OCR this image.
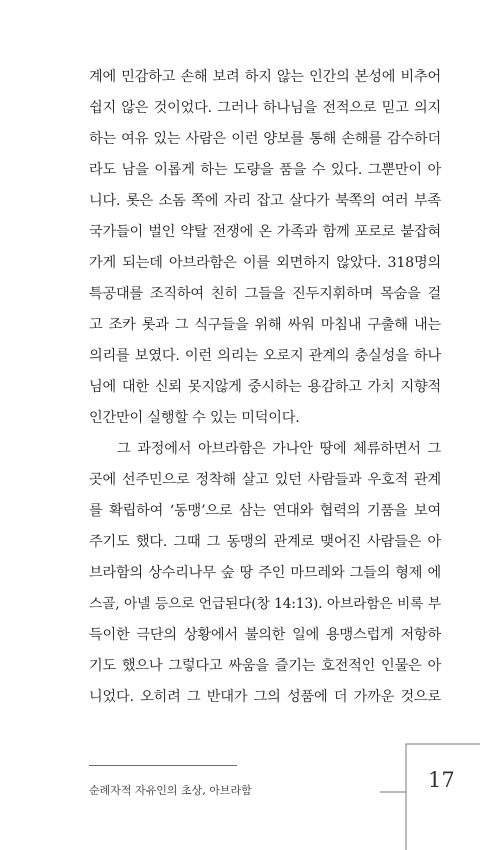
계에 민감하고 손해 보려 하지 않는 인간의 본성에 비추어
쉽지 않은 것이었다. 그러나 하나님을 전적으로 믿고 의지
하는 여유 있는 사람은 이런 양보를 통해 손해를 감수하더
라도 남을 이롭게 하는 도량을 품을 수 있다. 그뿐만이 아
니다. 롯은 소돔 쪽에 자리 잡고 살다가 북쪽의 여러 부족
국가들이 벌인 약탈 전쟁에 온 가족과 함께 포로로 붙잡혀
가게 되는데 아브라함은 이를 외면하지 않았다. 318명의
특공대를 조직하여 친히 그들을 진두지휘하며 목숨을 걸
고 조카 롯과 그 식구들을 위해 싸워 마침내 구출해 내는
의리를 보였다. 이런 의리는 오로지 관계의 충실성을 하나
님에 대한 신뢰 못지않게 중시하는 용감하고 가치 지향적
인간만이 실행할 수 있는 미덕이다.
그 과정에서 아브라함은 가나안 땅에 체류하면서 그
곳에 선주민으로 정착해 살고 있던 사람들과 우호적 관계
를 확립하여 ‘동맹’으로 삼는 연대와 협력의 기품을 보여
주기도 했다. 그때 그 동맹의 관계로 맺어진 사람들은 아
브라함의 상수리나무 숲 땅 주인 마므레와 그들의 형제 에
스골, 아넬 등으로 언급된다(창 14:13). 아브라함은 비록 부
득이한 극단의 상황에서 불의한 일에 용맹스럽게 저항하
기도 했으나 그렇다고 싸움을 즐기는 호전적인 인물은 아
니었다. 오히려 그 반대가 그의 성품에 더 가까운 것으로
순례자적 자유인의 초상, 아브라함	17
